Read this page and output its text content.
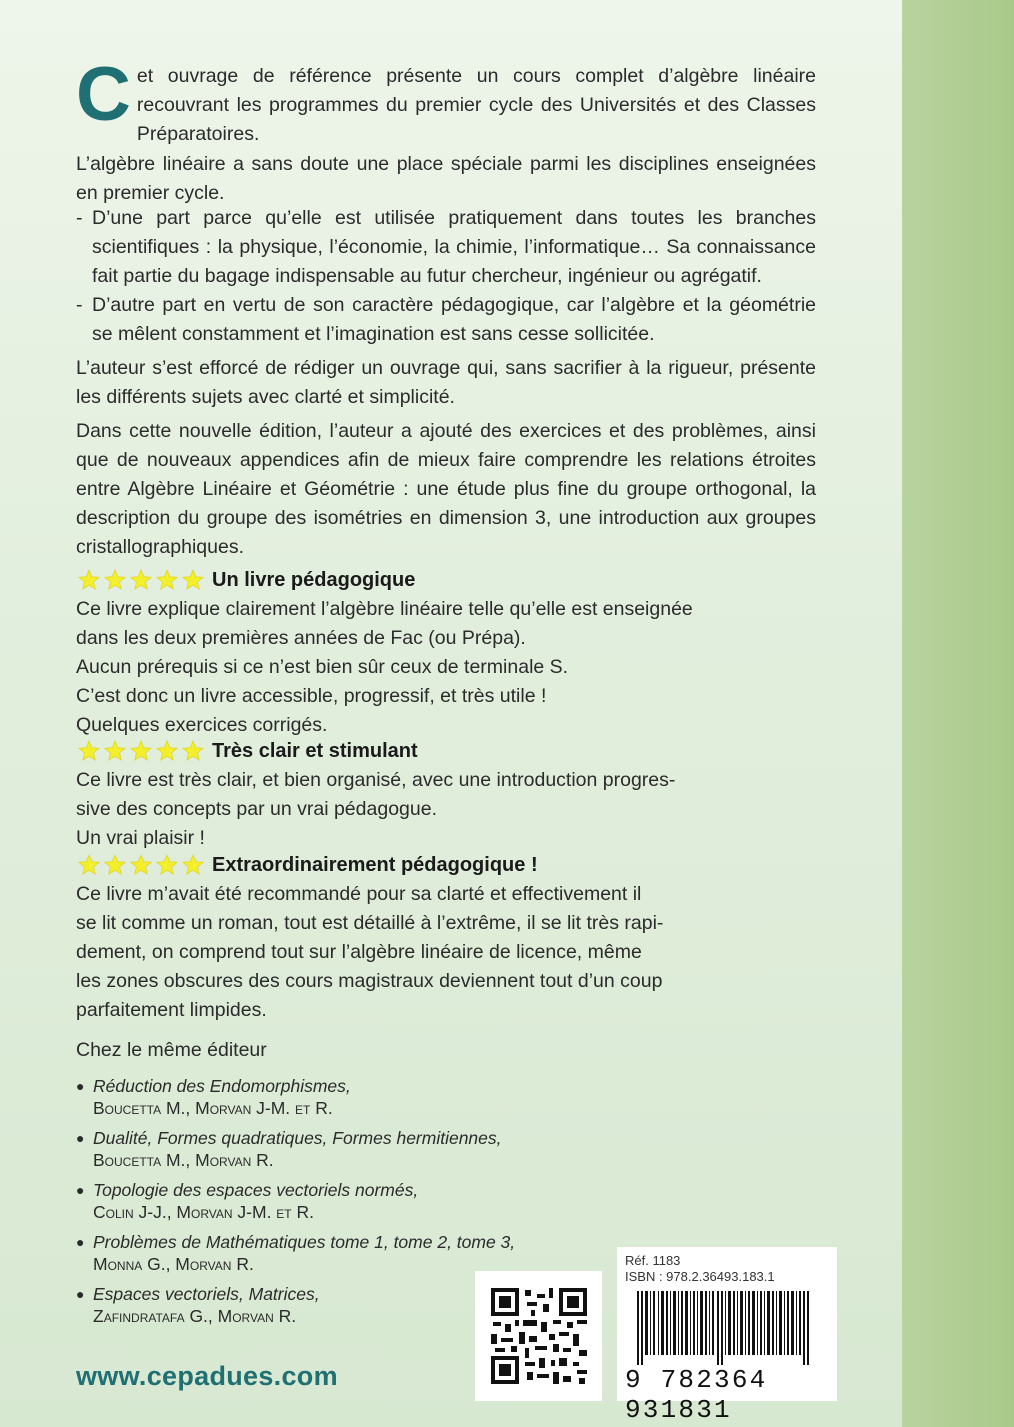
Cet ouvrage de référence présente un cours complet d’algèbre linéaire recouvrant les programmes du premier cycle des Universités et des Classes Préparatoires.

L’algèbre linéaire a sans doute une place spéciale parmi les disciplines enseignées en premier cycle.

- D’une part parce qu’elle est utilisée pratiquement dans toutes les branches scientifiques : la physique, l’économie, la chimie, l’informatique… Sa connaissance fait partie du bagage indispensable au futur chercheur, ingénieur ou agrégatif.
- D’autre part en vertu de son caractère pédagogique, car l’algèbre et la géométrie se mêlent constamment et l’imagination est sans cesse sollicitée.

L’auteur s’est efforcé de rédiger un ouvrage qui, sans sacrifier à la rigueur, présente les différents sujets avec clarté et simplicité.

Dans cette nouvelle édition, l’auteur a ajouté des exercices et des problèmes, ainsi que de nouveaux appendices afin de mieux faire comprendre les relations étroites entre Algèbre Linéaire et Géométrie : une étude plus fine du groupe orthogonal, la description du groupe des isométries en dimension 3, une introduction aux groupes cristallographiques.

Un livre pédagogique

Ce livre explique clairement l’algèbre linéaire telle qu’elle est enseignée

dans les deux premières années de Fac (ou Prépa).

Aucun prérequis si ce n’est bien sûr ceux de terminale S.

C’est donc un livre accessible, progressif, et très utile !

Quelques exercices corrigés.

Très clair et stimulant

Ce livre est très clair, et bien organisé, avec une introduction progres-

sive des concepts par un vrai pédagogue.

Un vrai plaisir !

Extraordinairement pédagogique !

Ce livre m’avait été recommandé pour sa clarté et effectivement il

se lit comme un roman, tout est détaillé à l’extrême, il se lit très rapi-

dement, on comprend tout sur l’algèbre linéaire de licence, même

les zones obscures des cours magistraux deviennent tout d’un coup

parfaitement limpides.

Chez le même éditeur

● Réduction des Endomorphismes,
Boucetta M., Morvan J-M. et R.
● Dualité, Formes quadratiques, Formes hermitiennes,
Boucetta M., Morvan R.
● Topologie des espaces vectoriels normés,
Colin J-J., Morvan J-M. et R.
● Problèmes de Mathématiques tome 1, tome 2, tome 3,
Monna G., Morvan R.
● Espaces vectoriels, Matrices,
Zafindratafa G., Morvan R.
www.cepadues.com
Réf. 1183
ISBN : 978.2.36493.183.1
9 782364 931831
